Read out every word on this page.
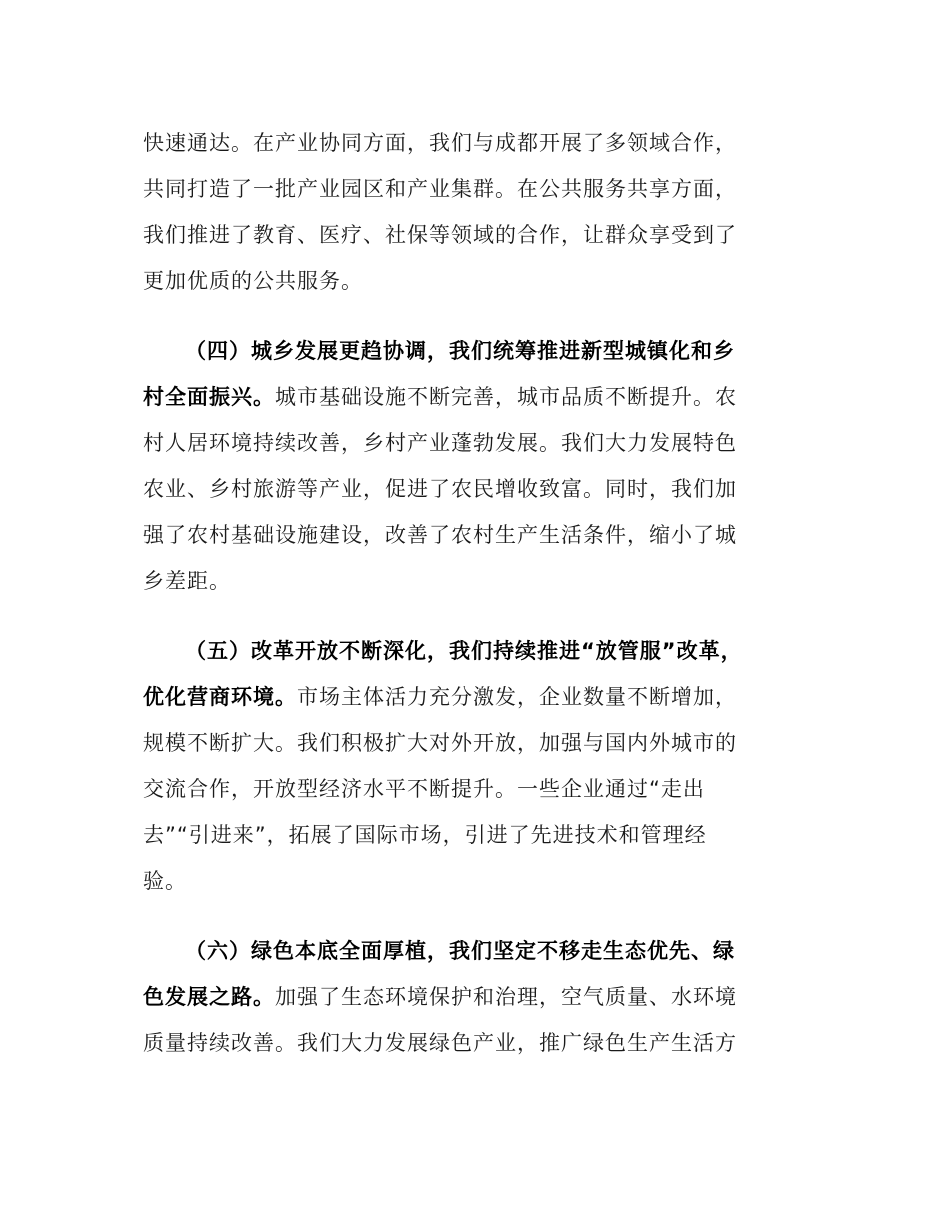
快速通达。在产业协同方面，我们与成都开展了多领域合作，
共同打造了一批产业园区和产业集群。在公共服务共享方面，
我们推进了教育、医疗、社保等领域的合作，让群众享受到了
更加优质的公共服务。
（四）城乡发展更趋协调，我们统筹推进新型城镇化和乡
村全面振兴。城市基础设施不断完善，城市品质不断提升。农
村人居环境持续改善，乡村产业蓬勃发展。我们大力发展特色
农业、乡村旅游等产业，促进了农民增收致富。同时，我们加
强了农村基础设施建设，改善了农村生产生活条件，缩小了城
乡差距。
（五）改革开放不断深化，我们持续推进“放管服”改革，
优化营商环境。市场主体活力充分激发，企业数量不断增加，
规模不断扩大。我们积极扩大对外开放，加强与国内外城市的
交流合作，开放型经济水平不断提升。一些企业通过“走出
去”“引进来”，拓展了国际市场，引进了先进技术和管理经
验。
（六）绿色本底全面厚植，我们坚定不移走生态优先、绿
色发展之路。加强了生态环境保护和治理，空气质量、水环境
质量持续改善。我们大力发展绿色产业，推广绿色生产生活方
